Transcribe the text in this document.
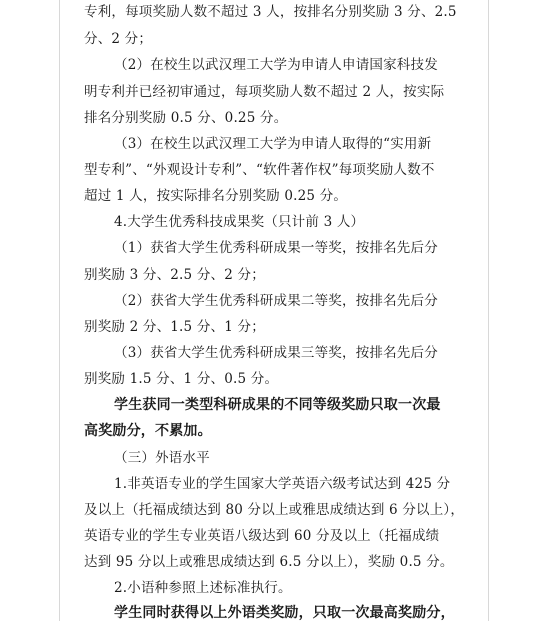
专利，每项奖励人数不超过 3 人，按排名分别奖励 3 分、2.5
分、2 分；
（2）在校生以武汉理工大学为申请人申请国家科技发
明专利并已经初审通过，每项奖励人数不超过 2 人，按实际
排名分别奖励 0.5 分、0.25 分。
（3）在校生以武汉理工大学为申请人取得的“实用新
型专利”、“外观设计专利”、“软件著作权”每项奖励人数不
超过 1 人，按实际排名分别奖励 0.25 分。
4.大学生优秀科技成果奖（只计前 3 人）
（1）获省大学生优秀科研成果一等奖，按排名先后分
别奖励 3 分、2.5 分、2 分；
（2）获省大学生优秀科研成果二等奖，按排名先后分
别奖励 2 分、1.5 分、1 分；
（3）获省大学生优秀科研成果三等奖，按排名先后分
别奖励 1.5 分、1 分、0.5 分。
学生获同一类型科研成果的不同等级奖励只取一次最
高奖励分，不累加。
（三）外语水平
1.非英语专业的学生国家大学英语六级考试达到 425 分
及以上（托福成绩达到 80 分以上或雅思成绩达到 6 分以上），
英语专业的学生专业英语八级达到 60 分及以上（托福成绩
达到 95 分以上或雅思成绩达到 6.5 分以上），奖励 0.5 分。
2.小语种参照上述标准执行。
学生同时获得以上外语类奖励，只取一次最高奖励分，
